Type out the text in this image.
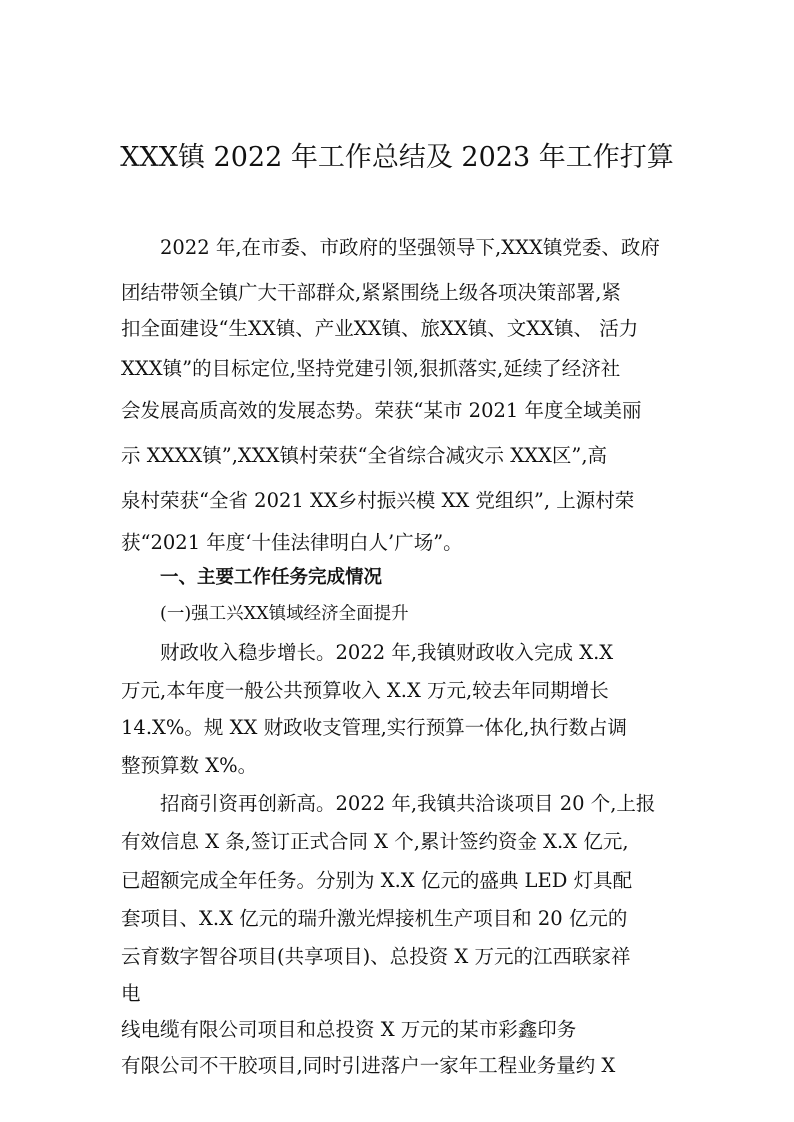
XXX镇 2022 年工作总结及 2023 年工作打算

2022 年,在市委、市政府的坚强领导下,XXX镇党委、政府

团结带领全镇广大干部群众,紧紧围绕上级各项决策部署,紧

扣全面建设“生XX镇、产业XX镇、旅XX镇、文XX镇、 活力

XXX镇”的目标定位,坚持党建引领,狠抓落实,延续了经济社

会发展高质高效的发展态势。荣获“某市 2021 年度全域美丽

示 XXXX镇”,XXX镇村荣获“全省综合减灾示 XXX区”,高

泉村荣获“全省 2021 XX乡村振兴模 XX 党组织”, 上源村荣

获“2021 年度‘十佳法律明白人’广场”。

一、主要工作任务完成情况

(一)强工兴XX镇域经济全面提升

财政收入稳步增长。2022 年,我镇财政收入完成 X.X

万元,本年度一般公共预算收入 X.X 万元,较去年同期增长

14.X%。规 XX 财政收支管理,实行预算一体化,执行数占调

整预算数 X%。

招商引资再创新高。2022 年,我镇共洽谈项目 20 个,上报

有效信息 X 条,签订正式合同 X 个,累计签约资金 X.X 亿元,

已超额完成全年任务。分别为 X.X 亿元的盛典 LED 灯具配

套项目、X.X 亿元的瑞升激光焊接机生产项目和 20 亿元的

云育数字智谷项目(共享项目)、总投资 X 万元的江西联家祥

电

线电缆有限公司项目和总投资 X 万元的某市彩鑫印务

有限公司不干胶项目,同时引进落户一家年工程业务量约 X
